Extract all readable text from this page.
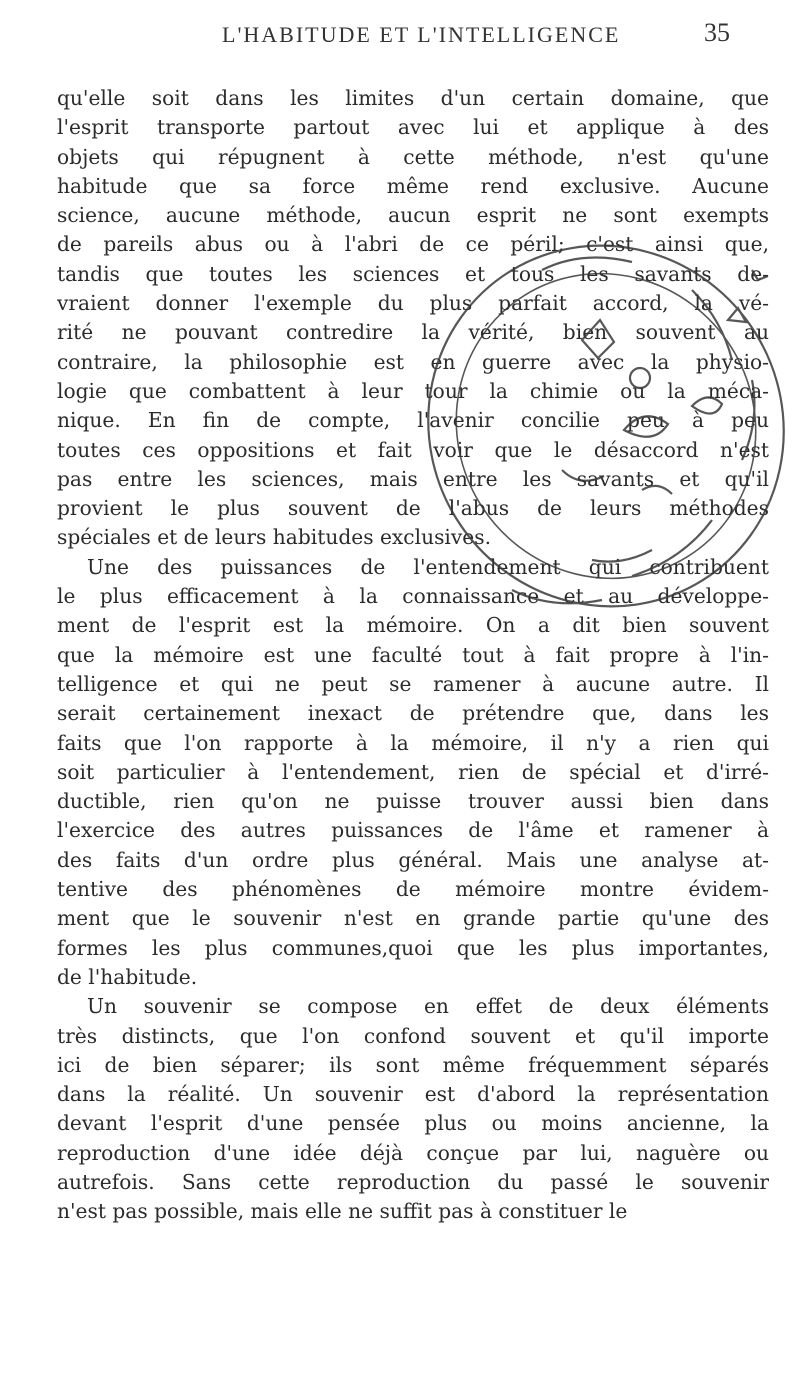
L'HABITUDE ET L'INTELLIGENCE	35
qu'elle soit dans les limites d'un certain domaine, que
l'esprit transporte partout avec lui et applique à des
objets qui répugnent à cette méthode, n'est qu'une
habitude que sa force même rend exclusive. Aucune
science, aucune méthode, aucun esprit ne sont exempts
de pareils abus ou à l'abri de ce péril; c'est ainsi que,
tandis que toutes les sciences et tous les savants de-
vraient donner l'exemple du plus parfait accord, la vé-
rité ne pouvant contredire la vérité, bien souvent au
contraire, la philosophie est en guerre avec la physio-
logie que combattent à leur tour la chimie ou la méca-
nique. En fin de compte, l'avenir concilie peu à peu
toutes ces oppositions et fait voir que le désaccord n'est
pas entre les sciences, mais entre les savants et qu'il
provient le plus souvent de l'abus de leurs méthodes
spéciales et de leurs habitudes exclusives.
Une des puissances de l'entendement qui contribuent
le plus efficacement à la connaissance et au développe-
ment de l'esprit est la mémoire. On a dit bien souvent
que la mémoire est une faculté tout à fait propre à l'in-
telligence et qui ne peut se ramener à aucune autre. Il
serait certainement inexact de prétendre que, dans les
faits que l'on rapporte à la mémoire, il n'y a rien qui
soit particulier à l'entendement, rien de spécial et d'irré-
ductible, rien qu'on ne puisse trouver aussi bien dans
l'exercice des autres puissances de l'âme et ramener à
des faits d'un ordre plus général. Mais une analyse at-
tentive des phénomènes de mémoire montre évidem-
ment que le souvenir n'est en grande partie qu'une des
formes les plus communes,quoi que les plus importantes,
de l'habitude.
Un souvenir se compose en effet de deux éléments
très distincts, que l'on confond souvent et qu'il importe
ici de bien séparer; ils sont même fréquemment séparés
dans la réalité. Un souvenir est d'abord la représentation
devant l'esprit d'une pensée plus ou moins ancienne, la
reproduction d'une idée déjà conçue par lui, naguère ou
autrefois. Sans cette reproduction du passé le souvenir
n'est pas possible, mais elle ne suffit pas à constituer le
